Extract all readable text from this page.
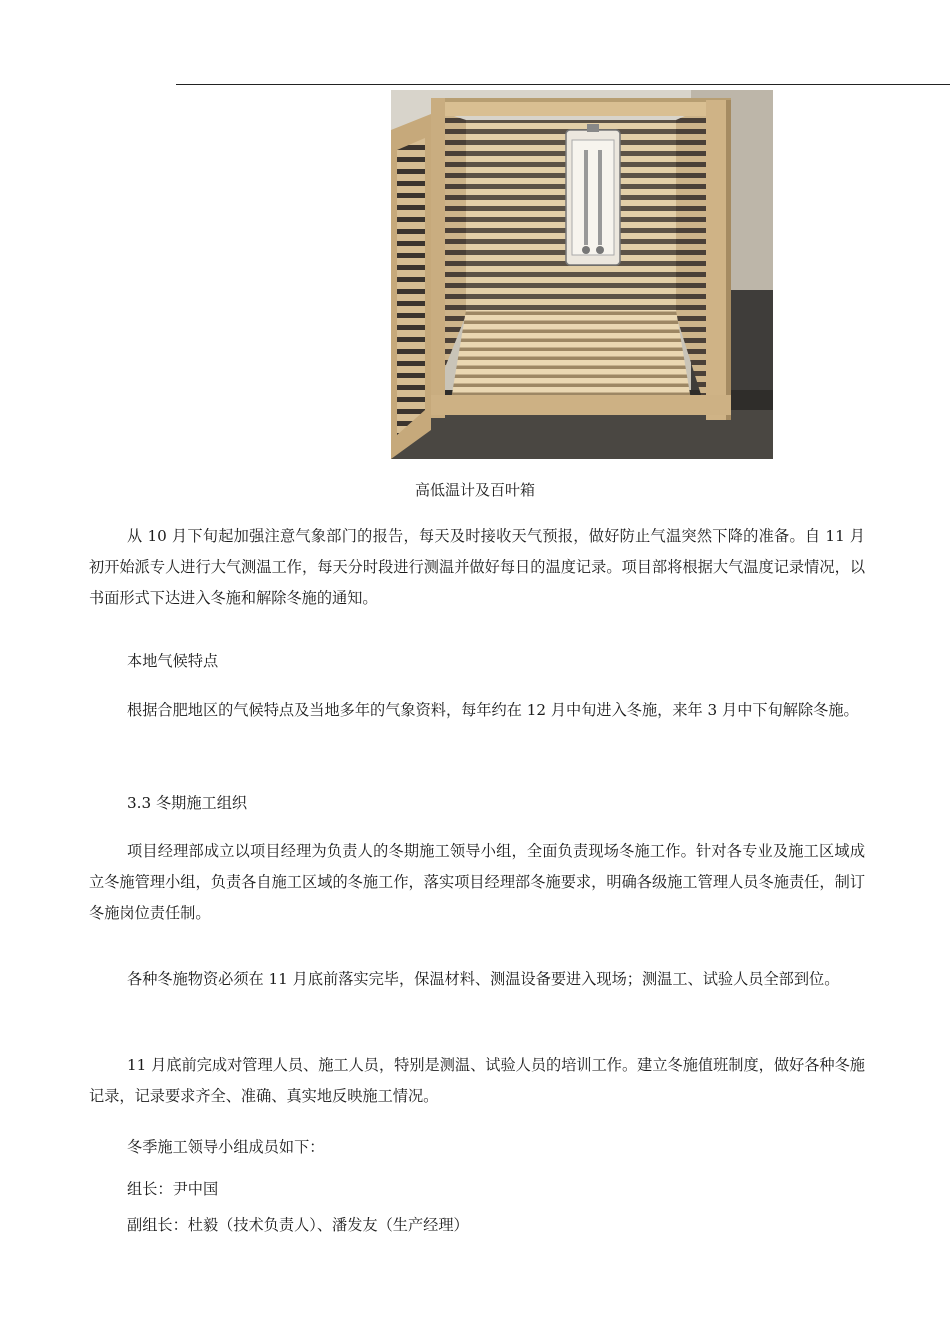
高低温计及百叶箱

从 10 月下旬起加强注意气象部门的报告，每天及时接收天气预报，做好防止气温突然下降的准备。自 11 月初开始派专人进行大气测温工作，每天分时段进行测温并做好每日的温度记录。项目部将根据大气温度记录情况，以书面形式下达进入冬施和解除冬施的通知。

本地气候特点

根据合肥地区的气候特点及当地多年的气象资料，每年约在 12 月中旬进入冬施，来年 3 月中下旬解除冬施。

3.3 冬期施工组织

项目经理部成立以项目经理为负责人的冬期施工领导小组，全面负责现场冬施工作。针对各专业及施工区域成立冬施管理小组，负责各自施工区域的冬施工作，落实项目经理部冬施要求，明确各级施工管理人员冬施责任，制订冬施岗位责任制。

各种冬施物资必须在 11 月底前落实完毕，保温材料、测温设备要进入现场；测温工、试验人员全部到位。

11 月底前完成对管理人员、施工人员，特别是测温、试验人员的培训工作。建立冬施值班制度，做好各种冬施记录，记录要求齐全、准确、真实地反映施工情况。

冬季施工领导小组成员如下：

组长：尹中国

副组长：杜毅（技术负责人）、潘发友（生产经理）
